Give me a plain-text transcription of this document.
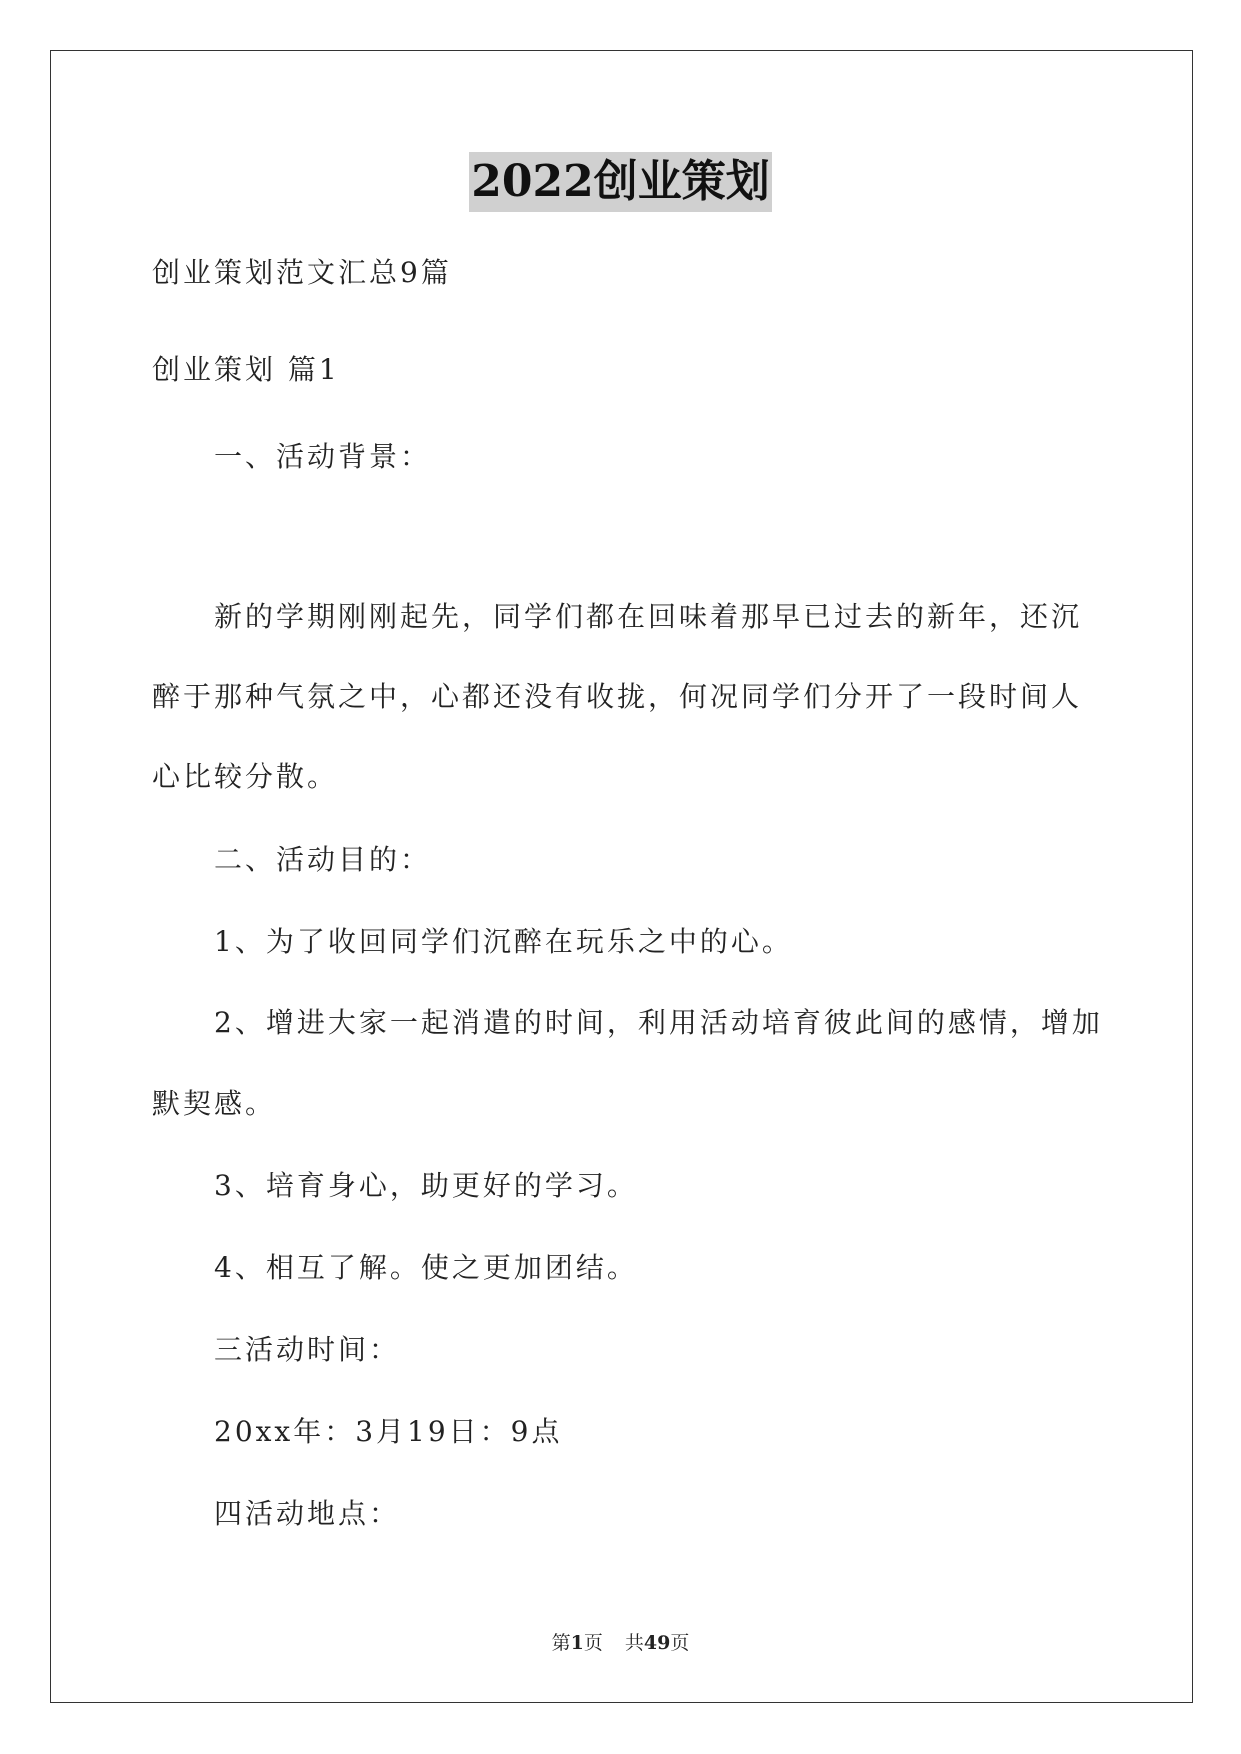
2022创业策划
创业策划范文汇总9篇
创业策划 篇1
一、活动背景：
新的学期刚刚起先，同学们都在回味着那早已过去的新年，还沉
醉于那种气氛之中，心都还没有收拢，何况同学们分开了一段时间人
心比较分散。
二、活动目的：
1、为了收回同学们沉醉在玩乐之中的心。
2、增进大家一起消遣的时间，利用活动培育彼此间的感情，增加
默契感。
3、培育身心，助更好的学习。
4、相互了解。使之更加团结。
三活动时间：
20xx年：3月19日：9点
四活动地点：
第1页 共49页
